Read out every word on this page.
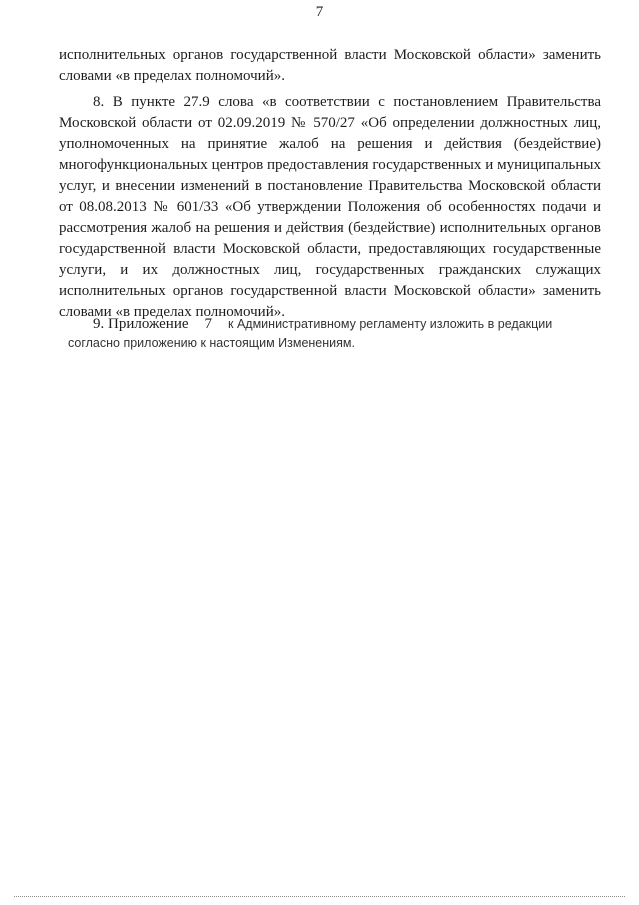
7
исполнительных органов государственной власти Московской области» заменить
словами «в пределах полномочий».
8. В пункте 27.9 слова «в соответствии с постановлением Правительства
Московской области от 02.09.2019 № 570/27 «Об определении должностных лиц,
уполномоченных на принятие жалоб на решения и действия (бездействие)
многофункциональных центров предоставления государственных и муниципальных
услуг, и внесении изменений в постановление Правительства Московской области
от 08.08.2013 № 601/33 «Об утверждении Положения об особенностях подачи и
рассмотрения жалоб на решения и действия (бездействие) исполнительных органов
государственной власти Московской области, предоставляющих государственные
услуги, и их должностных лиц, государственных гражданских служащих
исполнительных органов государственной власти Московской области» заменить
словами «в пределах полномочий».
9. Приложение 7 к Административному регламенту изложить в редакции
согласно приложению к настоящим Изменениям.
